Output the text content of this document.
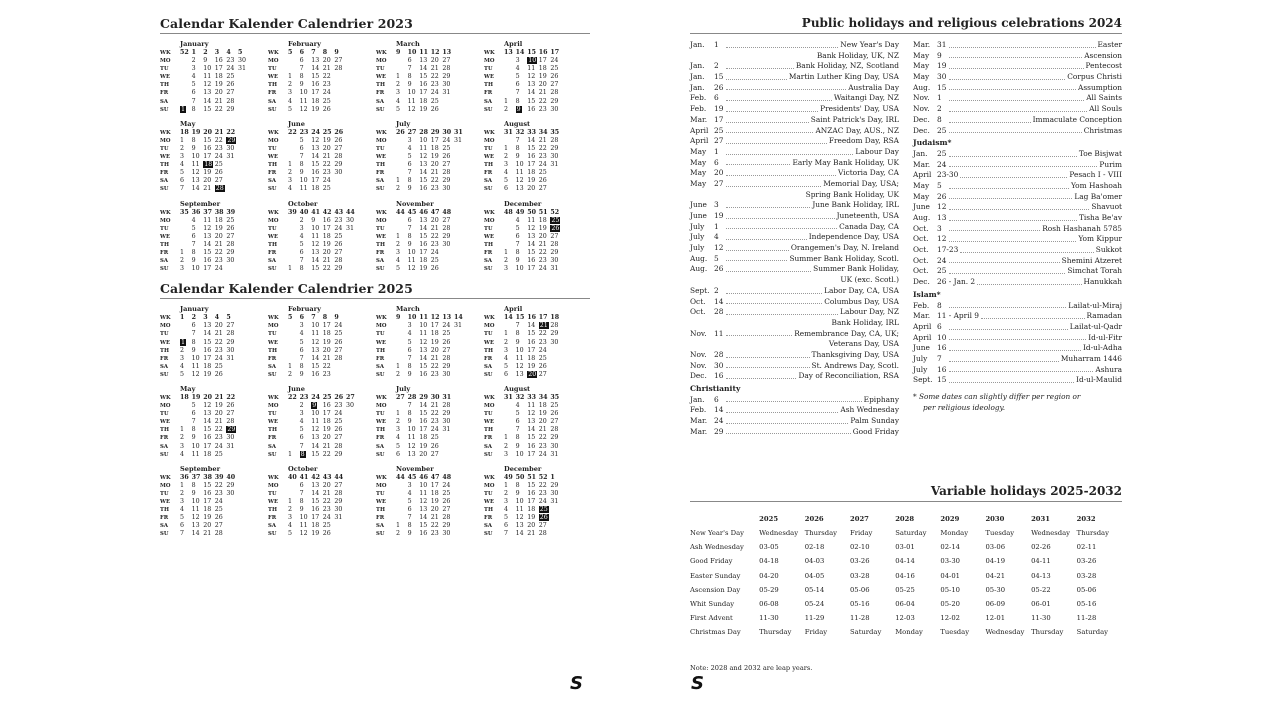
Calendar Kalender Calendrier 2023
January
WK	52	1	2	3	4	5
MO		2	9	16	23	30
TU		3	10	17	24	31
WE		4	11	18	25	
TH		5	12	19	26	
FR		6	13	20	27	
SA		7	14	21	28	
SU	1	8	15	22	29	
February
WK	5	6	7	8	9
MO		6	13	20	27
TU		7	14	21	28
WE	1	8	15	22	
TH	2	9	16	23	
FR	3	10	17	24	
SA	4	11	18	25	
SU	5	12	19	26	
March
WK	9	10	11	12	13
MO		6	13	20	27
TU		7	14	21	28
WE	1	8	15	22	29
TH	2	9	16	23	30
FR	3	10	17	24	31
SA	4	11	18	25	
SU	5	12	19	26	
April
WK	13	14	15	16	17
MO		3	10	17	24
TU		4	11	18	25
WE		5	12	19	26
TH		6	13	20	27
FR		7	14	21	28
SA	1	8	15	22	29
SU	2	9	16	23	30
May
WK	18	19	20	21	22
MO	1	8	15	22	29
TU	2	9	16	23	30
WE	3	10	17	24	31
TH	4	11	18	25	
FR	5	12	19	26	
SA	6	13	20	27	
SU	7	14	21	28	
June
WK	22	23	24	25	26
MO		5	12	19	26
TU		6	13	20	27
WE		7	14	21	28
TH	1	8	15	22	29
FR	2	9	16	23	30
SA	3	10	17	24	
SU	4	11	18	25	
July
WK	26	27	28	29	30	31
MO		3	10	17	24	31
TU		4	11	18	25	
WE		5	12	19	26	
TH		6	13	20	27	
FR		7	14	21	28	
SA	1	8	15	22	29	
SU	2	9	16	23	30	
August
WK	31	32	33	34	35
MO		7	14	21	28
TU	1	8	15	22	29
WE	2	9	16	23	30
TH	3	10	17	24	31
FR	4	11	18	25	
SA	5	12	19	26	
SU	6	13	20	27	
September
WK	35	36	37	38	39
MO		4	11	18	25
TU		5	12	19	26
WE		6	13	20	27
TH		7	14	21	28
FR	1	8	15	22	29
SA	2	9	16	23	30
SU	3	10	17	24	
October
WK	39	40	41	42	43	44
MO		2	9	16	23	30
TU		3	10	17	24	31
WE		4	11	18	25	
TH		5	12	19	26	
FR		6	13	20	27	
SA		7	14	21	28	
SU	1	8	15	22	29	
November
WK	44	45	46	47	48
MO		6	13	20	27
TU		7	14	21	28
WE	1	8	15	22	29
TH	2	9	16	23	30
FR	3	10	17	24	
SA	4	11	18	25	
SU	5	12	19	26	
December
WK	48	49	50	51	52
MO		4	11	18	25
TU		5	12	19	26
WE		6	13	20	27
TH		7	14	21	28
FR	1	8	15	22	29
SA	2	9	16	23	30
SU	3	10	17	24	31
Calendar Kalender Calendrier 2025
January
WK	1	2	3	4	5
MO		6	13	20	27
TU		7	14	21	28
WE	1	8	15	22	29
TH	2	9	16	23	30
FR	3	10	17	24	31
SA	4	11	18	25	
SU	5	12	19	26	
February
WK	5	6	7	8	9
MO		3	10	17	24
TU		4	11	18	25
WE		5	12	19	26
TH		6	13	20	27
FR		7	14	21	28
SA	1	8	15	22	
SU	2	9	16	23	
March
WK	9	10	11	12	13	14
MO		3	10	17	24	31
TU		4	11	18	25	
WE		5	12	19	26	
TH		6	13	20	27	
FR		7	14	21	28	
SA	1	8	15	22	29	
SU	2	9	16	23	30	
April
WK	14	15	16	17	18
MO		7	14	21	28
TU	1	8	15	22	29
WE	2	9	16	23	30
TH	3	10	17	24	
FR	4	11	18	25	
SA	5	12	19	26	
SU	6	13	20	27	
May
WK	18	19	20	21	22
MO		5	12	19	26
TU		6	13	20	27
WE		7	14	21	28
TH	1	8	15	22	29
FR	2	9	16	23	30
SA	3	10	17	24	31
SU	4	11	18	25	
June
WK	22	23	24	25	26	27
MO		2	9	16	23	30
TU		3	10	17	24	
WE		4	11	18	25	
TH		5	12	19	26	
FR		6	13	20	27	
SA		7	14	21	28	
SU	1	8	15	22	29	
July
WK	27	28	29	30	31
MO		7	14	21	28
TU	1	8	15	22	29
WE	2	9	16	23	30
TH	3	10	17	24	31
FR	4	11	18	25	
SA	5	12	19	26	
SU	6	13	20	27	
August
WK	31	32	33	34	35
MO		4	11	18	25
TU		5	12	19	26
WE		6	13	20	27
TH		7	14	21	28
FR	1	8	15	22	29
SA	2	9	16	23	30
SU	3	10	17	24	31
September
WK	36	37	38	39	40
MO	1	8	15	22	29
TU	2	9	16	23	30
WE	3	10	17	24	
TH	4	11	18	25	
FR	5	12	19	26	
SA	6	13	20	27	
SU	7	14	21	28	
October
WK	40	41	42	43	44
MO		6	13	20	27
TU		7	14	21	28
WE	1	8	15	22	29
TH	2	9	16	23	30
FR	3	10	17	24	31
SA	4	11	18	25	
SU	5	12	19	26	
November
WK	44	45	46	47	48
MO		3	10	17	24
TU		4	11	18	25
WE		5	12	19	26
TH		6	13	20	27
FR		7	14	21	28
SA	1	8	15	22	29
SU	2	9	16	23	30
December
WK	49	50	51	52	1
MO	1	8	15	22	29
TU	2	9	16	23	30
WE	3	10	17	24	31
TH	4	11	18	25	
FR	5	12	19	26	
SA	6	13	20	27	
SU	7	14	21	28	
Public holidays and religious celebrations 2024
Jan.	1	New Year's Day
Bank Holiday, UK, NZ
Jan.	2	Bank Holiday, NZ, Scotland
Jan.	15	Martin Luther King Day, USA
Jan.	26	Australia Day
Feb.	6	Waitangi Day, NZ
Feb.	19	Presidents' Day, USA
Mar. 17	Saint Patrick's Day, IRL
April 25	ANZAC Day, AUS., NZ
April 27	Freedom Day, RSA
May	1	Labour Day
May	6	Early May Bank Holiday, UK
May	20	Victoria Day, CA
May	27	Memorial Day, USA;
Spring Bank Holiday, UK
June 3	June Bank Holiday, IRL
June 19	Juneteenth, USA
July	1	Canada Day, CA
July	4	Independence Day, USA
July	12	Orangemen's Day, N. Ireland
Aug. 5	Summer Bank Holiday, Scotl.
Aug. 26	Summer Bank Holiday,
UK (exc. Scotl.)
Sept. 2	Labor Day, CA, USA
Oct.	14	Columbus Day, USA
Oct.	28	Labour Day, NZ
Bank Holiday, IRL
Nov.	11	Remembrance Day, CA, UK;
Veterans Day, USA
Nov.	28	Thanksgiving Day, USA
Nov.	30	St. Andrews Day, Scotl.
Dec. 16	Day of Reconciliation, RSA
Christianity
Jan.	6	Epiphany
Feb.	14	Ash Wednesday
Mar. 24	Palm Sunday
Mar. 29	Good Friday
Mar. 31	Easter
May	9	Ascension
May	19	Pentecost
May	30	Corpus Christi
Aug. 15	Assumption
Nov.	1	All Saints
Nov.	2	All Souls
Dec. 8	Immaculate Conception
Dec. 25	Christmas
Judaism*
Jan.	25	Toe Bisjwat
Mar. 24	Purim
April 23-30	Pesach I - VIII
May	5	Yom Hashoah
May	26	Lag Ba'omer
June 12	Shavuot
Aug. 13	Tisha Be'av
Oct.	3	Rosh Hashanah 5785
Oct.	12	Yom Kippur
Oct.	17-23	Sukkot
Oct.	24	Shemini Atzeret
Oct.	25	Simchat Torah
Dec. 26 - Jan. 2	Hanukkah
Islam*
Feb.	8	Lailat-ul-Miraj
Mar. 11 - April 9	Ramadan
April 6	Lailat-ul-Qadr
April 10	Id-ul-Fitr
June 16	Id-ul-Adha
July	7	Muharram 1446
July	16	Ashura
Sept. 15	Id-ul-Maulid
* Some dates can slightly differ per region or
per religious ideology.
Variable holidays 2025-2032
	2025	2026	2027	2028	2029	2030	2031	2032
New Year's Day	Wednesday	Thursday	Friday	Saturday	Monday	Tuesday	Wednesday	Thursday
Ash Wednesday	03-05	02-18	02-10	03-01	02-14	03-06	02-26	02-11
Good Friday	04-18	04-03	03-26	04-14	03-30	04-19	04-11	03-26
Easter Sunday	04-20	04-05	03-28	04-16	04-01	04-21	04-13	03-28
Ascension Day	05-29	05-14	05-06	05-25	05-10	05-30	05-22	05-06
Whit Sunday	06-08	05-24	05-16	06-04	05-20	06-09	06-01	05-16
First Advent	11-30	11-29	11-28	12-03	12-02	12-01	11-30	11-28
Christmas Day	Thursday	Friday	Saturday	Monday	Tuesday	Wednesday	Thursday	Saturday
Note: 2028 and 2032 are leap years.
S	S
